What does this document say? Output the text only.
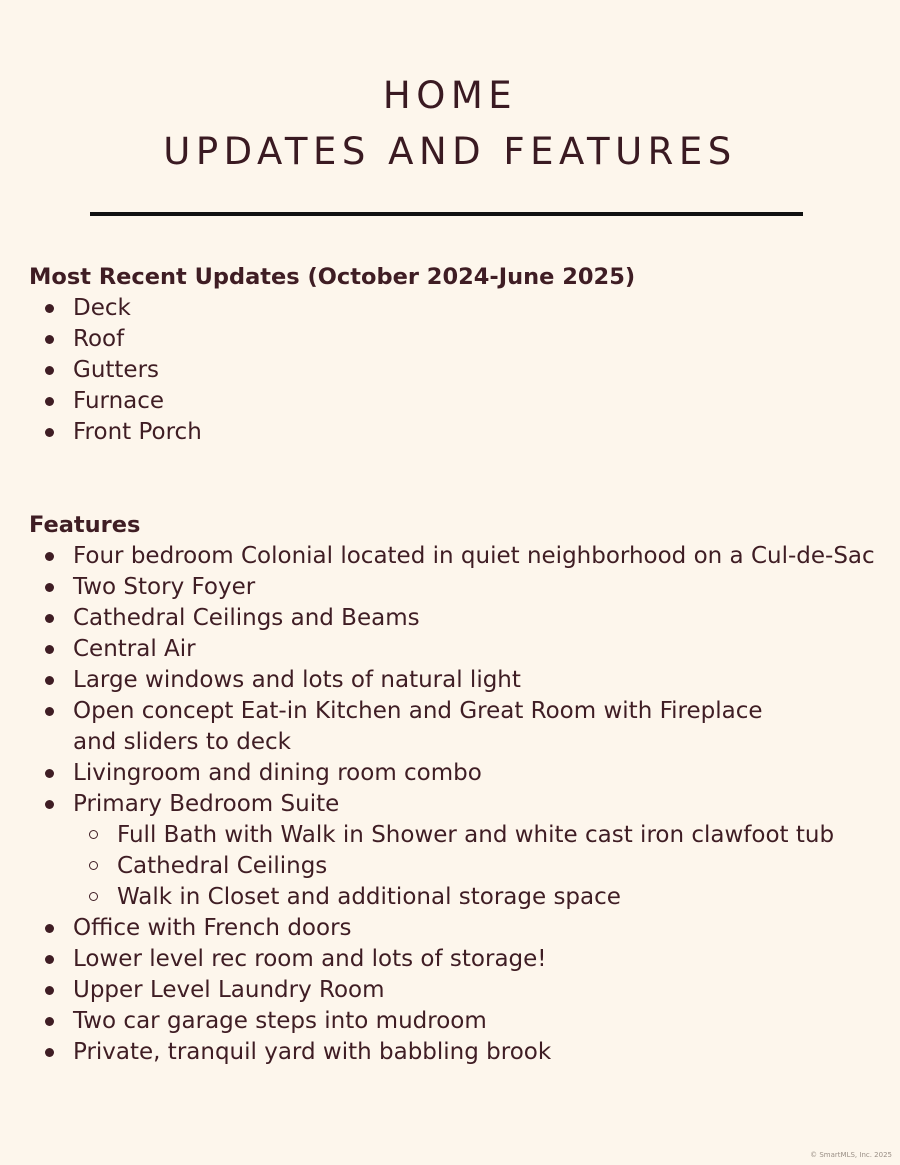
HOME
UPDATES AND FEATURES
Most Recent Updates (October 2024-June 2025)
Deck
Roof
Gutters
Furnace
Front Porch
Features
Four bedroom Colonial located in quiet neighborhood on a Cul-de-Sac
Two Story Foyer
Cathedral Ceilings and Beams
Central Air
Large windows and lots of natural light
Open concept Eat-in Kitchen and Great Room with Fireplace and sliders to deck
Livingroom and dining room combo
Primary Bedroom Suite
Full Bath with Walk in Shower and white cast iron clawfoot tub
Cathedral Ceilings
Walk in Closet and additional storage space
Office with French doors
Lower level rec room and lots of storage!
Upper Level Laundry Room
Two car garage steps into mudroom
Private, tranquil yard with babbling brook
© SmartMLS, Inc. 2025
